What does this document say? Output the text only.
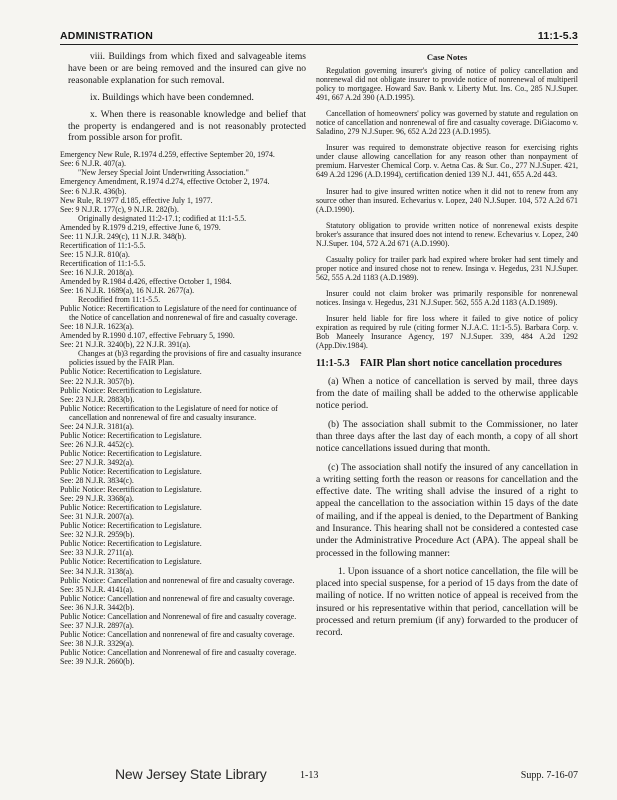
ADMINISTRATION	11:1-5.3

viii. Buildings from which fixed and salvageable items have been or are being removed and the insured can give no reasonable explanation for such removal.

ix. Buildings which have been condemned.

x. When there is reasonable knowledge and belief that the property is endangered and is not reasonably protected from possible arson for profit.

Emergency New Rule, R.1974 d.259, effective September 20, 1974.
See: 6 N.J.R. 407(a).
"New Jersey Special Joint Underwriting Association."
Emergency Amendment, R.1974 d.274, effective October 2, 1974.
See: 6 N.J.R. 436(b).
New Rule, R.1977 d.185, effective July 1, 1977.
See: 9 N.J.R. 177(c), 9 N.J.R. 282(b).
Originally designated 11:2-17.1; codified at 11:1-5.5.
Amended by R.1979 d.219, effective June 6, 1979.
See: 11 N.J.R. 249(c), 11 N.J.R. 348(b).
Recertification of 11:1-5.5.
See: 15 N.J.R. 810(a).
Recertification of 11:1-5.5.
See: 16 N.J.R. 2018(a).
Amended by R.1984 d.426, effective October 1, 1984.
See: 16 N.J.R. 1689(a), 16 N.J.R. 2677(a).
Recodified from 11:1-5.5.
Public Notice: Recertification to Legislature of the need for continuance of the Notice of cancellation and nonrenewal of fire and casualty coverage.
See: 18 N.J.R. 1623(a).
Amended by R.1990 d.107, effective February 5, 1990.
See: 21 N.J.R. 3240(b), 22 N.J.R. 391(a).
Changes at (b)3 regarding the provisions of fire and casualty insurance policies issued by the FAIR Plan.
Public Notice: Recertification to Legislature.
See: 22 N.J.R. 3057(b).
Public Notice: Recertification to Legislature.
See: 23 N.J.R. 2883(b).
Public Notice: Recertification to the Legislature of need for notice of cancellation and nonrenewal of fire and casualty insurance.
See: 24 N.J.R. 3181(a).
Public Notice: Recertification to Legislature.
See: 26 N.J.R. 4452(c).
Public Notice: Recertification to Legislature.
See: 27 N.J.R. 3492(a).
Public Notice: Recertification to Legislature.
See: 28 N.J.R. 3834(c).
Public Notice: Recertification to Legislature.
See: 29 N.J.R. 3368(a).
Public Notice: Recertification to Legislature.
See: 31 N.J.R. 2007(a).
Public Notice: Recertification to Legislature.
See: 32 N.J.R. 2959(b).
Public Notice: Recertification to Legislature.
See: 33 N.J.R. 2711(a).
Public Notice: Recertification to Legislature.
See: 34 N.J.R. 3138(a).
Public Notice: Cancellation and nonrenewal of fire and casualty coverage.
See: 35 N.J.R. 4141(a).
Public Notice: Cancellation and nonrenewal of fire and casualty coverage.
See: 36 N.J.R. 3442(b).
Public Notice: Cancellation and Nonrenewal of fire and casualty coverage.
See: 37 N.J.R. 2897(a).
Public Notice: Cancellation and nonrenewal of fire and casualty coverage.
See: 38 N.J.R. 3329(a).
Public Notice: Cancellation and Nonrenewal of fire and casualty coverage.
See: 39 N.J.R. 2660(b).
Case Notes

Regulation governing insurer's giving of notice of policy cancellation and nonrenewal did not obligate insurer to provide notice of nonrenewal of multiperil policy to mortgagee. Howard Sav. Bank v. Liberty Mut. Ins. Co., 285 N.J.Super. 491, 667 A.2d 390 (A.D.1995).

Cancellation of homeowners' policy was governed by statute and regulation on notice of cancellation and nonrenewal of fire and casualty coverage. DiGiacomo v. Saladino, 279 N.J.Super. 96, 652 A.2d 223 (A.D.1995).

Insurer was required to demonstrate objective reason for exercising rights under clause allowing cancellation for any reason other than nonpayment of premium. Harvester Chemical Corp. v. Aetna Cas. & Sur. Co., 277 N.J.Super. 421, 649 A.2d 1296 (A.D.1994), certification denied 139 N.J. 441, 655 A.2d 443.

Insurer had to give insured written notice when it did not to renew from any source other than insured. Echevarius v. Lopez, 240 N.J.Super. 104, 572 A.2d 671 (A.D.1990).

Statutory obligation to provide written notice of nonrenewal exists despite broker's assurance that insured does not intend to renew. Echevarius v. Lopez, 240 N.J.Super. 104, 572 A.2d 671 (A.D.1990).

Casualty policy for trailer park had expired where broker had sent timely and proper notice and insured chose not to renew. Insinga v. Hegedus, 231 N.J.Super. 562, 555 A.2d 1183 (A.D.1989).

Insurer could not claim broker was primarily responsible for nonrenewal notices. Insinga v. Hegedus, 231 N.J.Super. 562, 555 A.2d 1183 (A.D.1989).

Insurer held liable for fire loss where it failed to give notice of policy expiration as required by rule (citing former N.J.A.C. 11:1-5.5). Barbara Corp. v. Bob Maneely Insurance Agency, 197 N.J.Super. 339, 484 A.2d 1292 (App.Div.1984).

11:1-5.3	FAIR Plan short notice cancellation procedures

(a) When a notice of cancellation is served by mail, three days from the date of mailing shall be added to the otherwise applicable notice period.

(b) The association shall submit to the Commissioner, no later than three days after the last day of each month, a copy of all short notice cancellations issued during that month.

(c) The association shall notify the insured of any cancellation in a writing setting forth the reason or reasons for cancellation and the effective date. The writing shall advise the insured of a right to appeal the cancellation to the association within 15 days of the date of mailing, and if the appeal is denied, to the Department of Banking and Insurance. This hearing shall not be considered a contested case under the Administrative Procedure Act (APA). The appeal shall be processed in the following manner:

1. Upon issuance of a short notice cancellation, the file will be placed into special suspense, for a period of 15 days from the date of mailing of notice. If no written notice of appeal is received from the insured or his representative within that period, cancellation will be processed and return premium (if any) forwarded to the producer of record.

New Jersey State Library	1-13	Supp. 7-16-07
